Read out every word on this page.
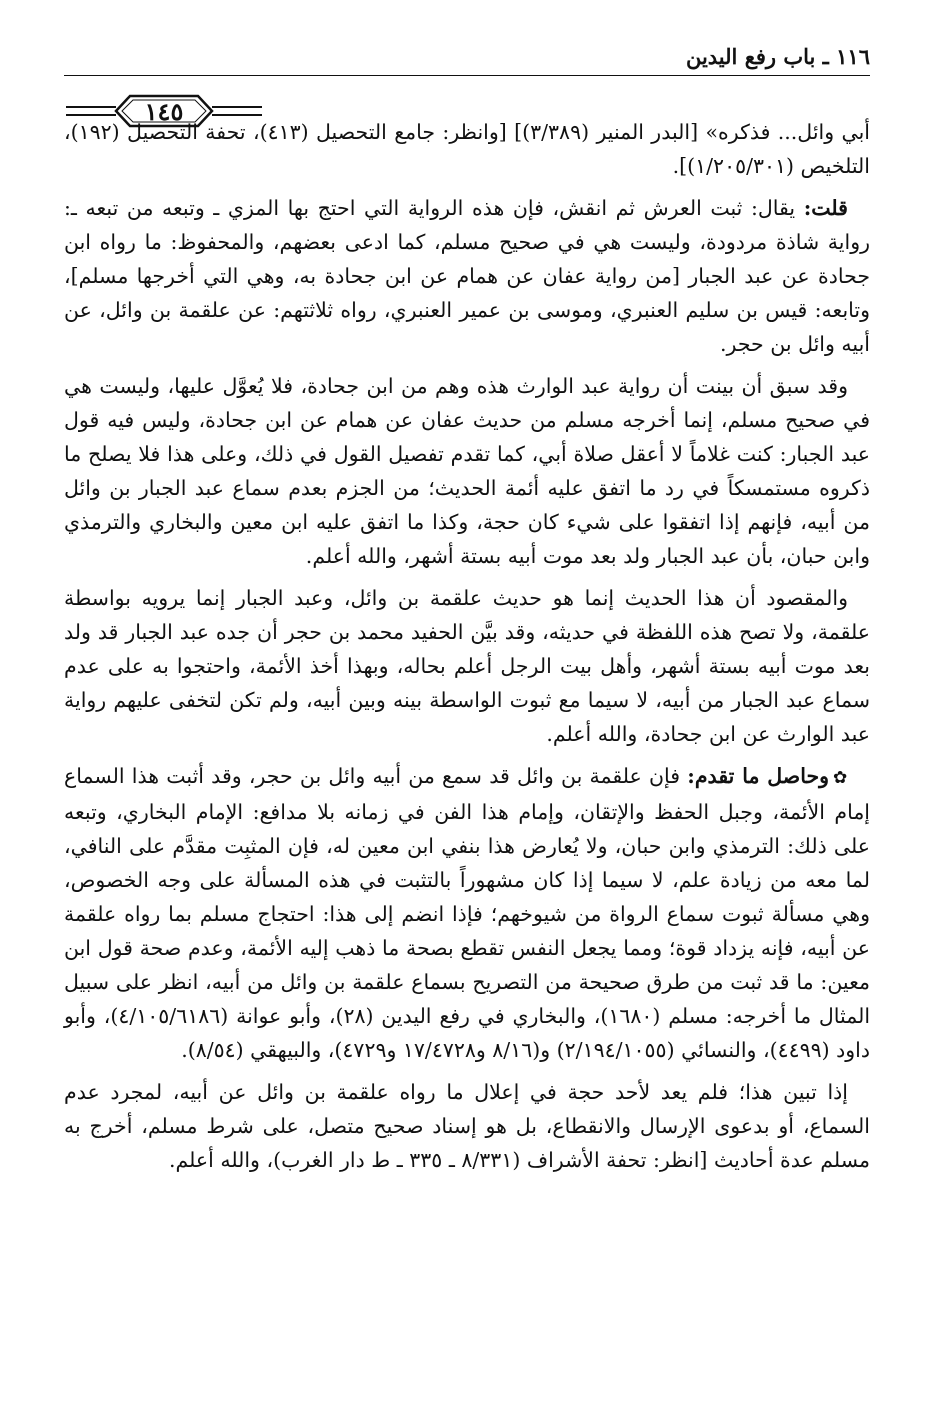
١١٦ ـ باب رفع اليدين
١٤٥

أبي وائل... فذكره» [البدر المنير (٣/٣٨٩)] [وانظر: جامع التحصيل (٤١٣)، تحفة التحصيل (١٩٢)، التلخيص (١/٢٠٥/٣٠١)].

قلت: يقال: ثبت العرش ثم انقش، فإن هذه الرواية التي احتج بها المزي ـ وتبعه من تبعه ـ: رواية شاذة مردودة، وليست هي في صحيح مسلم، كما ادعى بعضهم، والمحفوظ: ما رواه ابن جحادة عن عبد الجبار [من رواية عفان عن همام عن ابن جحادة به، وهي التي أخرجها مسلم]، وتابعه: قيس بن سليم العنبري، وموسى بن عمير العنبري، رواه ثلاثتهم: عن علقمة بن وائل، عن أبيه وائل بن حجر.

وقد سبق أن بينت أن رواية عبد الوارث هذه وهم من ابن جحادة، فلا يُعوَّل عليها، وليست هي في صحيح مسلم، إنما أخرجه مسلم من حديث عفان عن همام عن ابن جحادة، وليس فيه قول عبد الجبار: كنت غلاماً لا أعقل صلاة أبي، كما تقدم تفصيل القول في ذلك، وعلى هذا فلا يصلح ما ذكروه مستمسكاً في رد ما اتفق عليه أئمة الحديث؛ من الجزم بعدم سماع عبد الجبار بن وائل من أبيه، فإنهم إذا اتفقوا على شيء كان حجة، وكذا ما اتفق عليه ابن معين والبخاري والترمذي وابن حبان، بأن عبد الجبار ولد بعد موت أبيه بستة أشهر، والله أعلم.

والمقصود أن هذا الحديث إنما هو حديث علقمة بن وائل، وعبد الجبار إنما يرويه بواسطة علقمة، ولا تصح هذه اللفظة في حديثه، وقد بيَّن الحفيد محمد بن حجر أن جده عبد الجبار قد ولد بعد موت أبيه بستة أشهر، وأهل بيت الرجل أعلم بحاله، وبهذا أخذ الأئمة، واحتجوا به على عدم سماع عبد الجبار من أبيه، لا سيما مع ثبوت الواسطة بينه وبين أبيه، ولم تكن لتخفى عليهم رواية عبد الوارث عن ابن جحادة، والله أعلم.

✿وحاصل ما تقدم: فإن علقمة بن وائل قد سمع من أبيه وائل بن حجر، وقد أثبت هذا السماع إمام الأئمة، وجبل الحفظ والإتقان، وإمام هذا الفن في زمانه بلا مدافع: الإمام البخاري، وتبعه على ذلك: الترمذي وابن حبان، ولا يُعارض هذا بنفي ابن معين له، فإن المثبِت مقدَّم على النافي، لما معه من زيادة علم، لا سيما إذا كان مشهوراً بالتثبت في هذه المسألة على وجه الخصوص، وهي مسألة ثبوت سماع الرواة من شيوخهم؛ فإذا انضم إلى هذا: احتجاج مسلم بما رواه علقمة عن أبيه، فإنه يزداد قوة؛ ومما يجعل النفس تقطع بصحة ما ذهب إليه الأئمة، وعدم صحة قول ابن معين: ما قد ثبت من طرق صحيحة من التصريح بسماع علقمة بن وائل من أبيه، انظر على سبيل المثال ما أخرجه: مسلم (١٦٨٠)، والبخاري في رفع اليدين (٢٨)، وأبو عوانة (٤/١٠٥/٦١٨٦)، وأبو داود (٤٤٩٩)، والنسائي (٢/١٩٤/١٠٥٥) و(٨/١٦ و١٧/٤٧٢٨ و٤٧٢٩)، والبيهقي (٨/٥٤).

إذا تبين هذا؛ فلم يعد لأحد حجة في إعلال ما رواه علقمة بن وائل عن أبيه، لمجرد عدم السماع، أو بدعوى الإرسال والانقطاع، بل هو إسناد صحيح متصل، على شرط مسلم، أخرج به مسلم عدة أحاديث [انظر: تحفة الأشراف (٨/٣٣١ ـ ٣٣٥ ـ ط دار الغرب)، والله أعلم.
